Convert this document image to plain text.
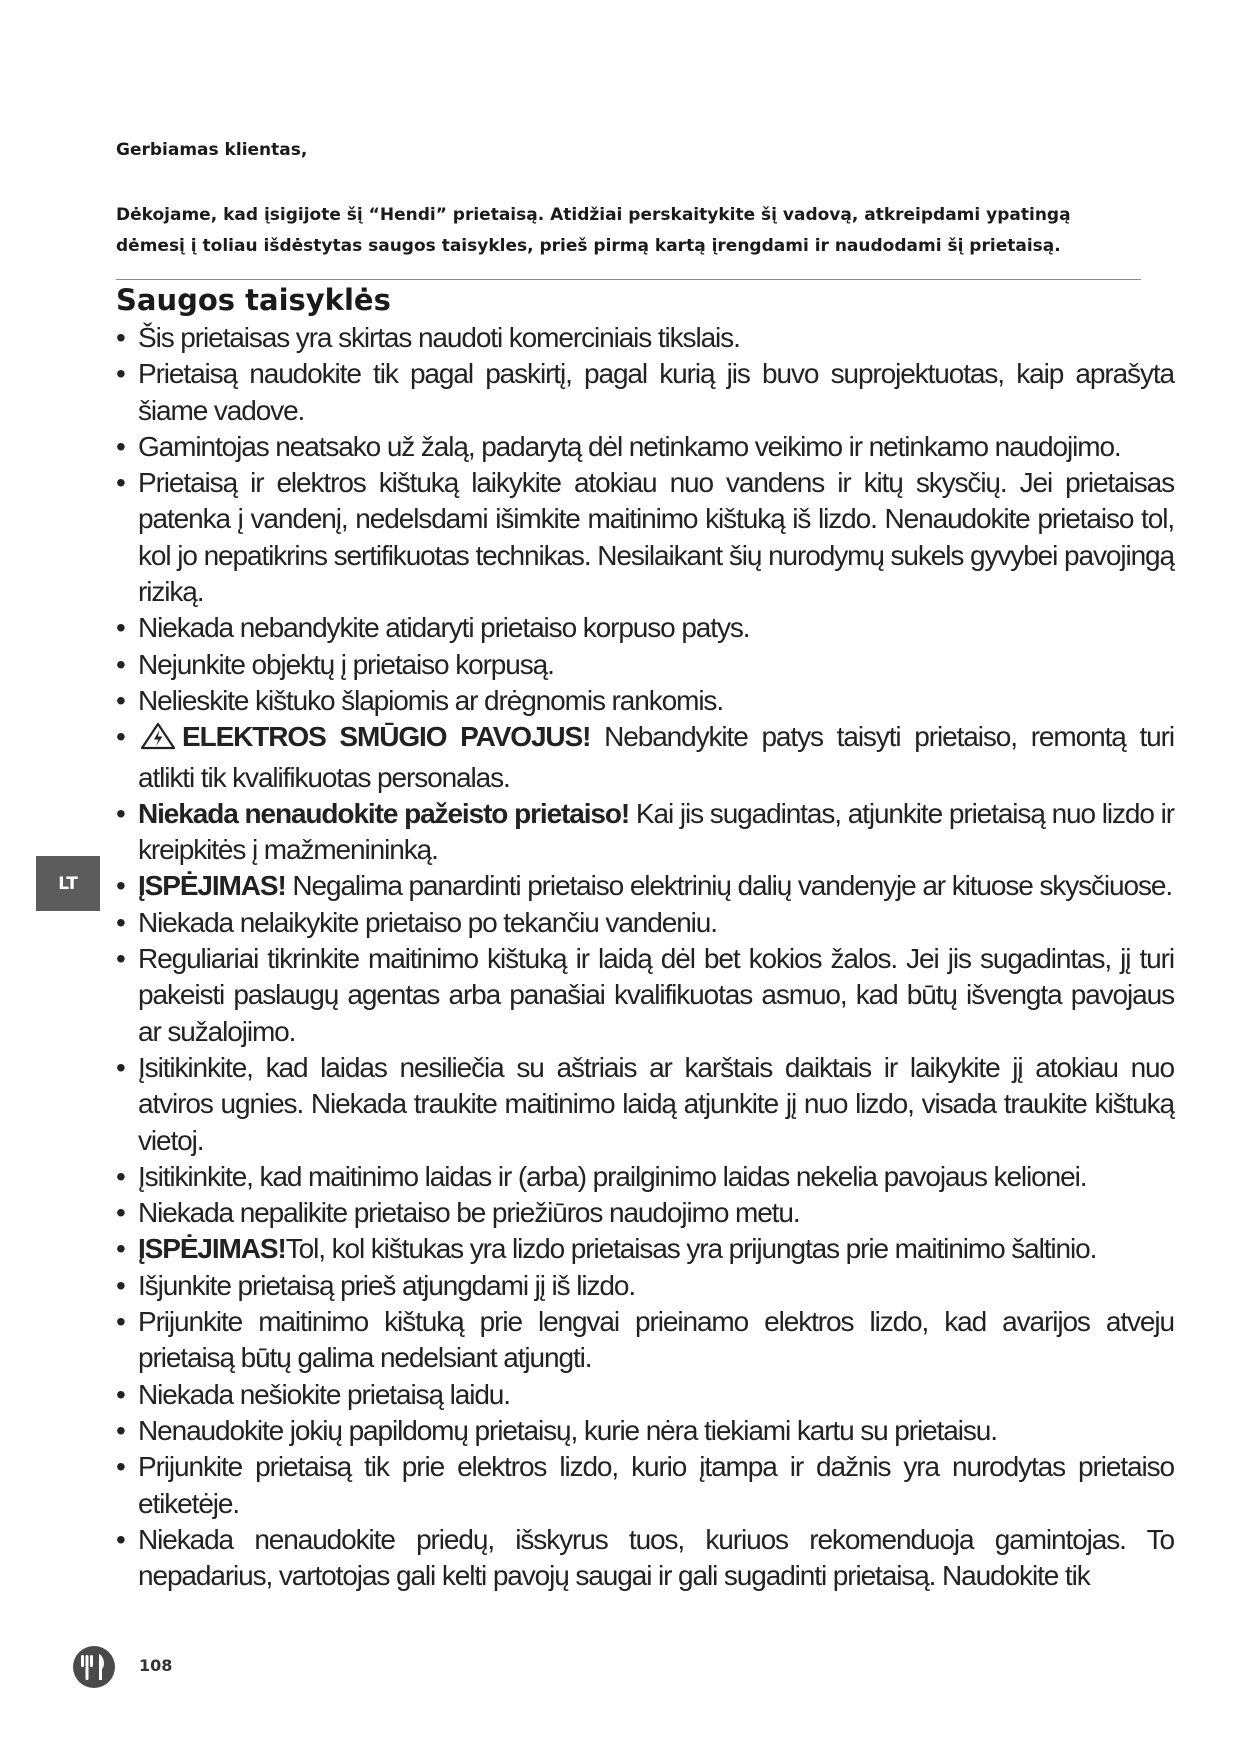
Gerbiamas klientas,
Dėkojame, kad įsigijote šį “Hendi” prietaisą. Atidžiai perskaitykite šį vadovą, atkreipdami ypatingą dėmesį į toliau išdėstytas saugos taisykles, prieš pirmą kartą įrengdami ir naudodami šį prietaisą.
Saugos taisyklės
• Šis prietaisas yra skirtas naudoti komerciniais tikslais.
• Prietaisą naudokite tik pagal paskirtį, pagal kurią jis buvo suprojektuotas, kaip aprašyta šiame vadove.
• Gamintojas neatsako už žalą, padarytą dėl netinkamo veikimo ir netinkamo naudojimo.
• Prietaisą ir elektros kištuką laikykite atokiau nuo vandens ir kitų skysčių. Jei prietaisas patenka į vandenį, nedelsdami išimkite maitinimo kištuką iš lizdo. Nenaudokite prietaiso tol, kol jo nepatikrins sertifikuotas technikas. Nesilaikant šių nurodymų sukels gyvybei pavojingą riziką.
• Niekada nebandykite atidaryti prietaiso korpuso patys.
• Nejunkite objektų į prietaiso korpusą.
• Nelieskite kištuko šlapiomis ar drėgnomis rankomis.
• ELEKTROS SMŪGIO PAVOJUS! Nebandykite patys taisyti prietaiso, remontą turi atlikti tik kvalifikuotas personalas.
• Niekada nenaudokite pažeisto prietaiso! Kai jis sugadintas, atjunkite prietaisą nuo lizdo ir kreipkitės į mažmenininką.
• ĮSPĖJIMAS! Negalima panardinti prietaiso elektrinių dalių vandenyje ar kituose skysčiuose.
• Niekada nelaikykite prietaiso po tekančiu vandeniu.
• Reguliariai tikrinkite maitinimo kištuką ir laidą dėl bet kokios žalos. Jei jis sugadintas, jį turi pakeisti paslaugų agentas arba panašiai kvalifikuotas asmuo, kad būtų išvengta pavojaus ar sužalojimo.
• Įsitikinkite, kad laidas nesiliečia su aštriais ar karštais daiktais ir laikykite jį atokiau nuo atviros ugnies. Niekada traukite maitinimo laidą atjunkite jį nuo lizdo, visada traukite kištuką vietoj.
• Įsitikinkite, kad maitinimo laidas ir (arba) prailginimo laidas nekelia pavojaus kelionei.
• Niekada nepalikite prietaiso be priežiūros naudojimo metu.
• ĮSPĖJIMAS!Tol, kol kištukas yra lizdo prietaisas yra prijungtas prie maitinimo šaltinio.
• Išjunkite prietaisą prieš atjungdami jį iš lizdo.
• Prijunkite maitinimo kištuką prie lengvai prieinamo elektros lizdo, kad avarijos atveju prietaisą būtų galima nedelsiant atjungti.
• Niekada nešiokite prietaisą laidu.
• Nenaudokite jokių papildomų prietaisų, kurie nėra tiekiami kartu su prietaisu.
• Prijunkite prietaisą tik prie elektros lizdo, kurio įtampa ir dažnis yra nurodytas prietaiso etiketėje.
• Niekada nenaudokite priedų, išskyrus tuos, kuriuos rekomenduoja gamintojas. To nepadarius, vartotojas gali kelti pavojų saugai ir gali sugadinti prietaisą. Naudokite tik
LT
108
